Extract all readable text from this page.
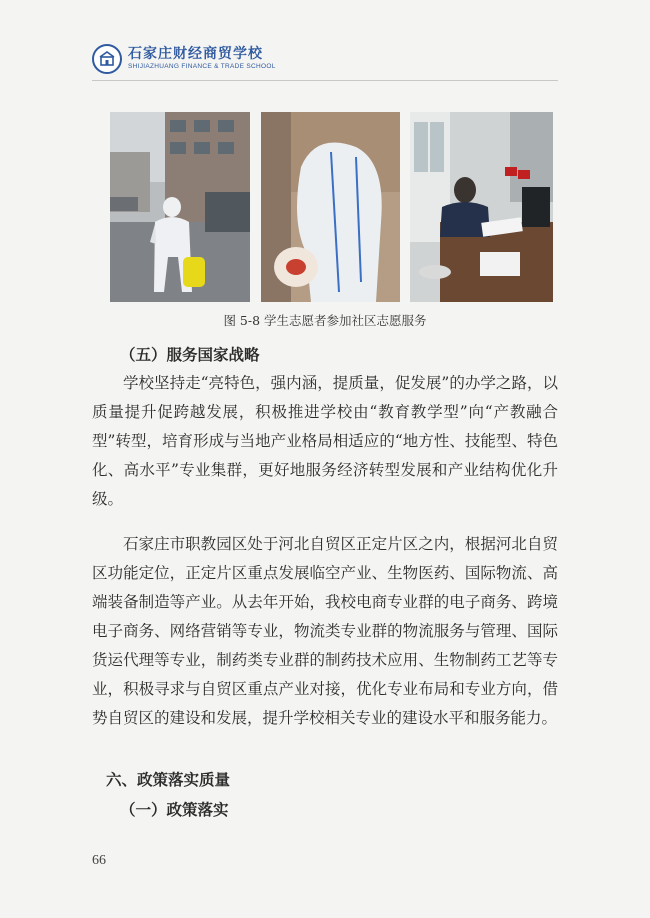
石家庄财经商贸学校
SHIJIAZHUANG FINANCE & TRADE SCHOOL
图 5-8 学生志愿者参加社区志愿服务
（五）服务国家战略
学校坚持走“亮特色，强内涵，提质量，促发展”的办学之路，以质量提升促跨越发展，积极推进学校由“教育教学型”向“产教融合型”转型，培育形成与当地产业格局相适应的“地方性、技能型、特色化、高水平”专业集群，更好地服务经济转型发展和产业结构优化升级。
石家庄市职教园区处于河北自贸区正定片区之内，根据河北自贸区功能定位，正定片区重点发展临空产业、生物医药、国际物流、高端装备制造等产业。从去年开始，我校电商专业群的电子商务、跨境电子商务、网络营销等专业，物流类专业群的物流服务与管理、国际货运代理等专业，制药类专业群的制药技术应用、生物制药工艺等专业，积极寻求与自贸区重点产业对接，优化专业布局和专业方向，借势自贸区的建设和发展，提升学校相关专业的建设水平和服务能力。
六、政策落实质量
（一）政策落实
66
